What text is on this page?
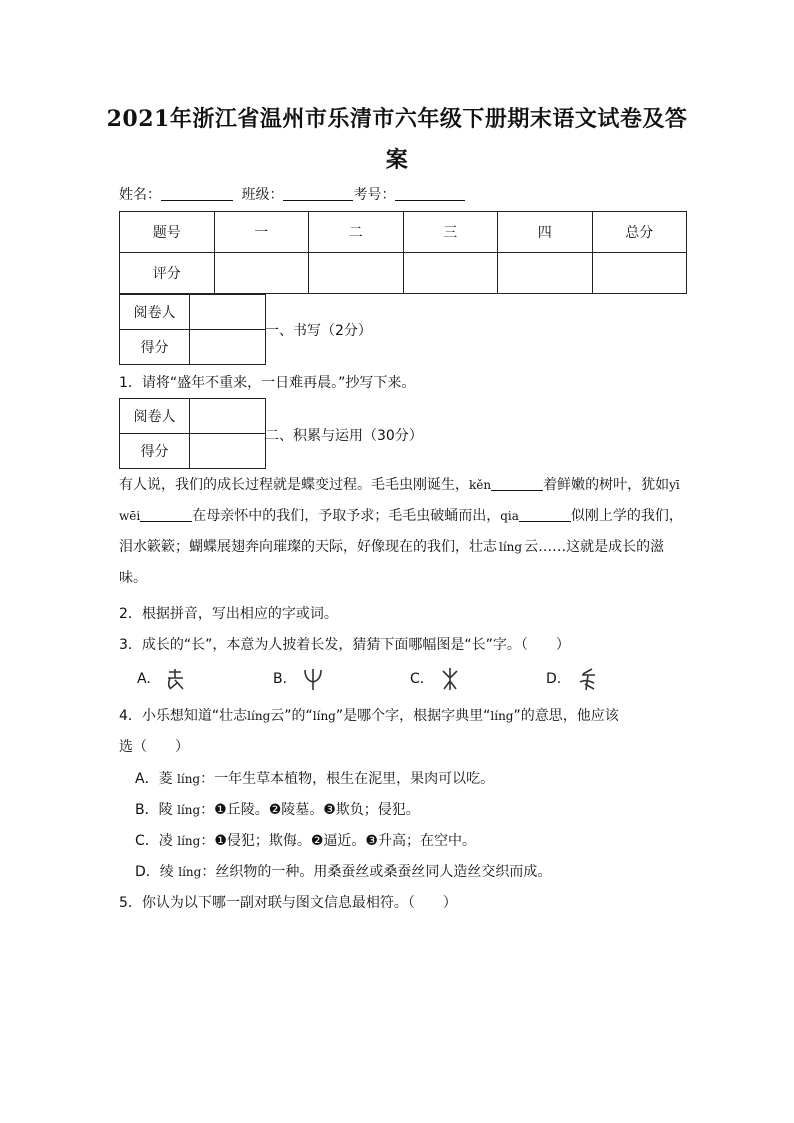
2021年浙江省温州市乐清市六年级下册期末语文试卷及答
案
姓名：	班级：	考号：
题号	一	二	三	四	总分
评分					
阅卷人	
得分	
一、书写（2分）
1．请将“盛年不重来，一日难再晨。”抄写下来。
阅卷人	
得分	
二、积累与运用（30分）
有人说，我们的成长过程就是蝶变过程。毛毛虫刚诞生，kěn	着鲜嫩的树叶，犹如yī
wēi	在母亲怀中的我们，予取予求；毛毛虫破蛹而出，qia	似刚上学的我们，
泪水簌簌；蝴蝶展翅奔向璀璨的天际，好像现在的我们，壮志 líng 云……这就是成长的滋
味。
2．根据拼音，写出相应的字或词。
3．成长的“长”，本意为人披着长发，猜猜下面哪幅图是“长”字。（　　）
A.	B.	C.	D.
4．小乐想知道“壮志líng云”的“líng”是哪个字，根据字典里“líng”的意思，他应该
选（　　）
A．菱 líng：一年生草本植物，根生在泥里，果肉可以吃。
B．陵 líng：❶丘陵。❷陵墓。❸欺负；侵犯。
C．凌 líng：❶侵犯；欺侮。❷逼近。❸升高；在空中。
D．绫 líng：丝织物的一种。用桑蚕丝或桑蚕丝同人造丝交织而成。
5．你认为以下哪一副对联与图文信息最相符。（　　）
